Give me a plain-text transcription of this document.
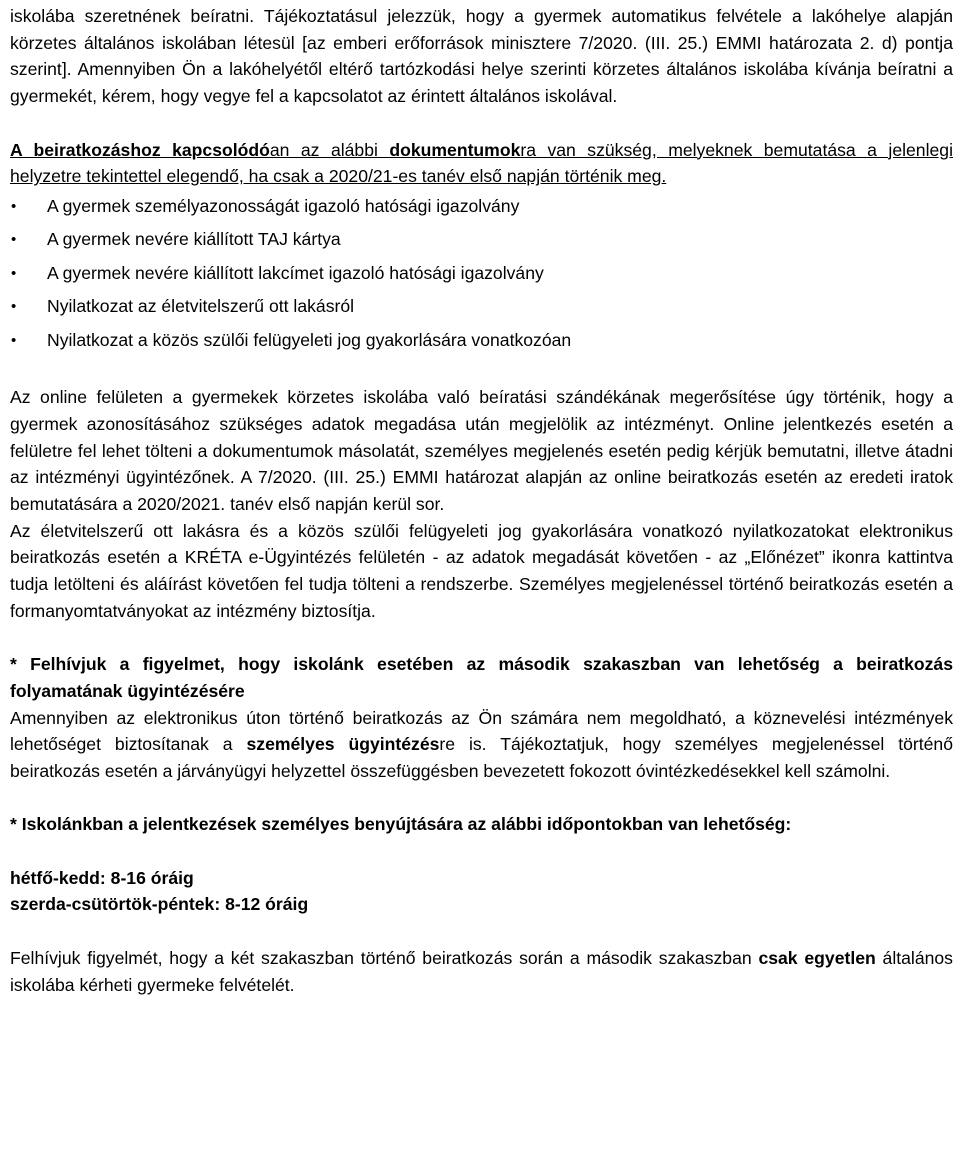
iskolába szeretnének beíratni. Tájékoztatásul jelezzük, hogy a gyermek automatikus felvétele a lakóhelye alapján körzetes általános iskolában létesül [az emberi erőforrások minisztere 7/2020. (III. 25.) EMMI határozata 2. d) pontja szerint]. Amennyiben Ön a lakóhelyétől eltérő tartózkodási helye szerinti körzetes általános iskolába kívánja beíratni a gyermekét, kérem, hogy vegye fel a kapcsolatot az érintett általános iskolával.

A beiratkozáshoz kapcsolódóan az alábbi dokumentumokra van szükség, melyeknek bemutatása a jelenlegi helyzetre tekintettel elegendő, ha csak a 2020/21-es tanév első napján történik meg.

• A gyermek személyazonosságát igazoló hatósági igazolvány
• A gyermek nevére kiállított TAJ kártya
• A gyermek nevére kiállított lakcímet igazoló hatósági igazolvány
• Nyilatkozat az életvitelszerű ott lakásról
• Nyilatkozat a közös szülői felügyeleti jog gyakorlására vonatkozóan

Az online felületen a gyermekek körzetes iskolába való beíratási szándékának megerősítése úgy történik, hogy a gyermek azonosításához szükséges adatok megadása után megjelölik az intézményt. Online jelentkezés esetén a felületre fel lehet tölteni a dokumentumok másolatát, személyes megjelenés esetén pedig kérjük bemutatni, illetve átadni az intézményi ügyintézőnek. A 7/2020. (III. 25.) EMMI határozat alapján az online beiratkozás esetén az eredeti iratok bemutatására a 2020/2021. tanév első napján kerül sor.

Az életvitelszerű ott lakásra és a közös szülői felügyeleti jog gyakorlására vonatkozó nyilatkozatokat elektronikus beiratkozás esetén a KRÉTA e-Ügyintézés felületén - az adatok megadását követően - az „Előnézet” ikonra kattintva tudja letölteni és aláírást követően fel tudja tölteni a rendszerbe. Személyes megjelenéssel történő beiratkozás esetén a formanyomtatványokat az intézmény biztosítja.

* Felhívjuk a figyelmet, hogy iskolánk esetében az második szakaszban van lehetőség a beiratkozás folyamatának ügyintézésére

Amennyiben az elektronikus úton történő beiratkozás az Ön számára nem megoldható, a köznevelési intézmények lehetőséget biztosítanak a személyes ügyintézésre is. Tájékoztatjuk, hogy személyes megjelenéssel történő beiratkozás esetén a járványügyi helyzettel összefüggésben bevezetett fokozott óvintézkedésekkel kell számolni.

* Iskolánkban a jelentkezések személyes benyújtására az alábbi időpontokban van lehetőség:

hétfő-kedd: 8-16 óráig

szerda-csütörtök-péntek: 8-12 óráig

Felhívjuk figyelmét, hogy a két szakaszban történő beiratkozás során a második szakaszban csak egyetlen általános iskolába kérheti gyermeke felvételét.
